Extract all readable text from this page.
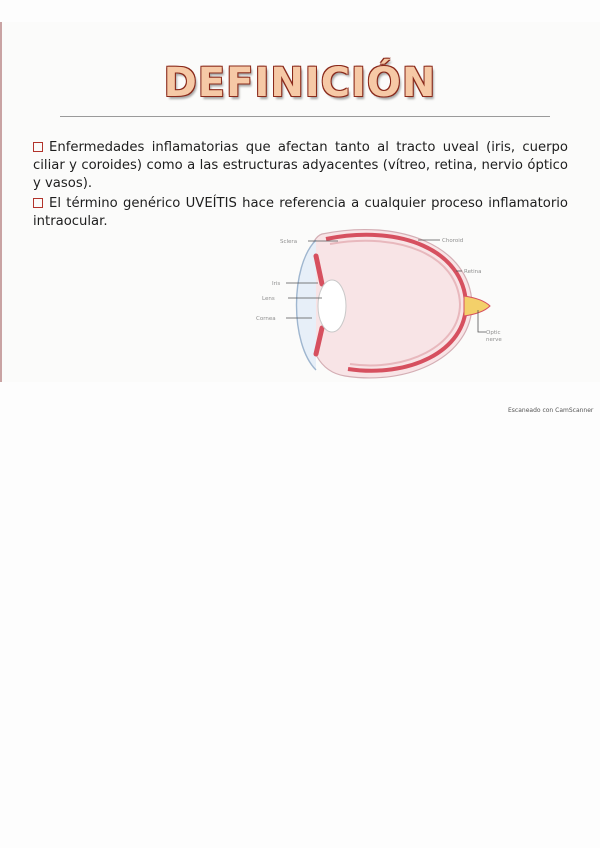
DEFINICIÓN
Enfermedades inflamatorias que afectan tanto al tracto uveal (iris, cuerpo ciliar y coroides) como a las estructuras adyacentes (vítreo, retina, nervio óptico y vasos).
El término genérico UVEÍTIS hace referencia a cualquier proceso inflamatorio intraocular.
Sclera
Iris
Lens
Cornea
Choroid
Retina
Optic
nerve
Escaneado con CamScanner
